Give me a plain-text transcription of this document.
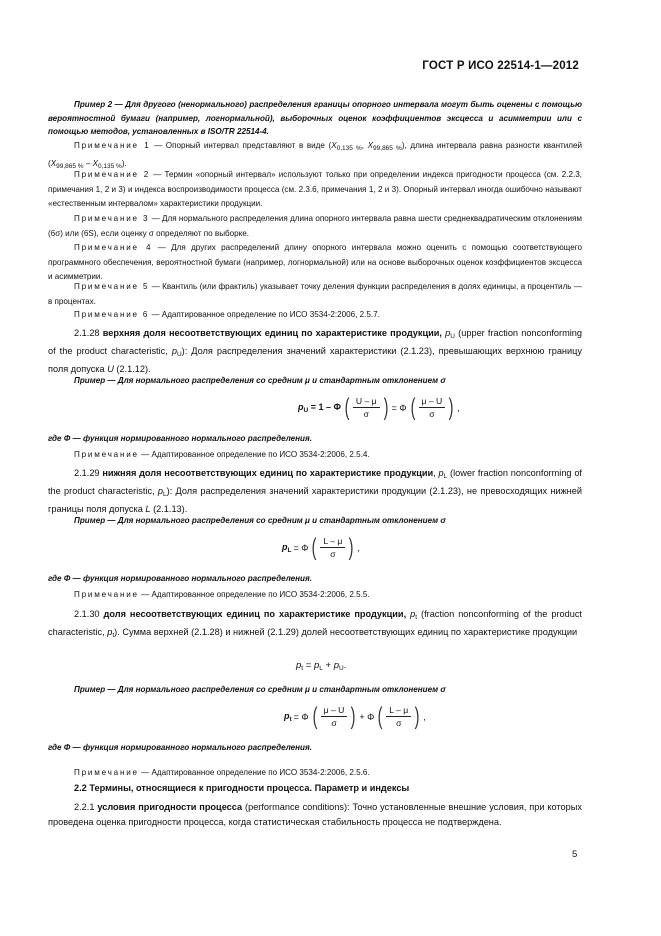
ГОСТ Р ИСО 22514-1—2012

Пример 2 — Для другого (ненормального) распределения границы опорного интервала могут быть оценены с помощью вероятностной бумаги (например, логнормальной), выборочных оценок коэффициентов эксцесса и асимметрии или с помощью методов, установленных в ISO/TR 22514-4.

Примечание 1 — Опорный интервал представляют в виде ($X_{0,135 \%}$, $X_{99,865 \%}$), длина интервала равна разности квантилей $(X_{99,865 \%} - X_{0,135 \%})$.

Примечание 2 — Термин «опорный интервал» используют только при определении индекса пригодности процесса (см. 2.2.3, примечания 1, 2 и 3) и индекса воспроизводимости процесса (см. 2.3.6, примечания 1, 2 и 3). Опорный интервал иногда ошибочно называют «естественным интервалом» характеристики продукции.

Примечание 3 — Для нормального распределения длина опорного интервала равна шести среднеквадратическим отклонениям (6σ) или (6S), если оценку σ определяют по выборке.

Примечание 4 — Для других распределений длину опорного интервала можно оценить с помощью соответствующего программного обеспечения, вероятностной бумаги (например, логнормальной) или на основе выборочных оценок коэффициентов эксцесса и асимметрии.

Примечание 5 — Квантиль (или фрактиль) указывает точку деления функции распределения в долях единицы, а процентиль — в процентах.

Примечание 6 — Адаптированное определение по ИСО 3534-2:2006, 2.5.7.

2.1.28 верхняя доля несоответствующих единиц по характеристике продукции, $p_U$ (upper fraction nonconforming of the product characteristic, $p_U$): Доля распределения значений характеристики (2.1.23), превышающих верхнюю границу поля допуска U (2.1.12).

Пример — Для нормального распределения со средним μ и стандартным отклонением σ

$p_U = 1 - \Phi$ ( $\frac{U - \mu}{\sigma}$ ) = Φ ( $\frac{\mu - U}{\sigma}$ ) ,

где Φ — функция нормированного нормального распределения.

Примечание — Адаптированное определение по ИСО 3534-2:2006, 2.5.4.

2.1.29 нижняя доля несоответствующих единиц по характеристике продукции, $p_L$ (lower fraction nonconforming of the product characteristic, $p_L$): Доля распределения значений характеристики продукции (2.1.23), не превосходящих нижней границы поля допуска L (2.1.13).

Пример — Для нормального распределения со средним μ и стандартным отклонением σ

$p_L = \Phi$ ( $\frac{L - \mu}{\sigma}$ ) ,

где Φ — функция нормированного нормального распределения.

Примечание — Адаптированное определение по ИСО 3534-2:2006, 2.5.5.

2.1.30 доля несоответствующих единиц по характеристике продукции, $p_t$ (fraction nonconforming of the product characteristic, $p_t$). Сумма верхней (2.1.28) и нижней (2.1.29) долей несоответствующих единиц по характеристике продукции

$p_t = p_L + p_U$.

Пример — Для нормального распределения со средним μ и стандартным отклонением σ

$p_t = \Phi$ ( $\frac{\mu - U}{\sigma}$ ) + Φ ( $\frac{L - \mu}{\sigma}$ ) ,

где Φ — функция нормированного нормального распределения.

Примечание — Адаптированное определение по ИСО 3534-2:2006, 2.5.6.

2.2 Термины, относящиеся к пригодности процесса. Параметр и индексы

2.2.1 условия пригодности процесса (performance conditions): Точно установленные внешние условия, при которых проведена оценка пригодности процесса, когда статистическая стабильность процесса не подтверждена.

5
